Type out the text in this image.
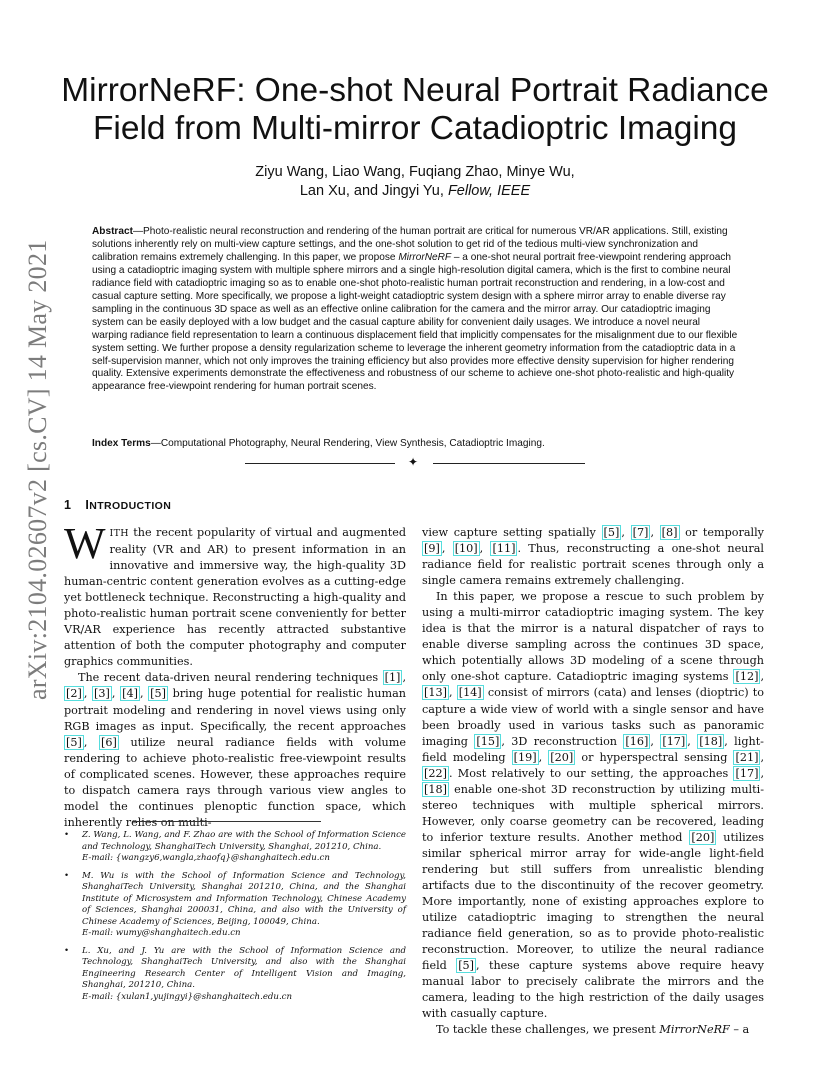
arXiv:2104.02607v2 [cs.CV] 14 May 2021
MirrorNeRF: One-shot Neural Portrait Radiance
Field from Multi-mirror Catadioptric Imaging
Ziyu Wang, Liao Wang, Fuqiang Zhao, Minye Wu,
Lan Xu, and Jingyi Yu, Fellow, IEEE

Abstract—Photo-realistic neural reconstruction and rendering of the human portrait are critical for numerous VR/AR applications. Still, existing solutions inherently rely on multi-view capture settings, and the one-shot solution to get rid of the tedious multi-view synchronization and calibration remains extremely challenging. In this paper, we propose MirrorNeRF – a one-shot neural portrait free-viewpoint rendering approach using a catadioptric imaging system with multiple sphere mirrors and a single high-resolution digital camera, which is the first to combine neural radiance field with catadioptric imaging so as to enable one-shot photo-realistic human portrait reconstruction and rendering, in a low-cost and casual capture setting. More specifically, we propose a light-weight catadioptric system design with a sphere mirror array to enable diverse ray sampling in the continuous 3D space as well as an effective online calibration for the camera and the mirror array. Our catadioptric imaging system can be easily deployed with a low budget and the casual capture ability for convenient daily usages. We introduce a novel neural warping radiance field representation to learn a continuous displacement field that implicitly compensates for the misalignment due to our flexible system setting. We further propose a density regularization scheme to leverage the inherent geometry information from the catadioptric data in a self-supervision manner, which not only improves the training efficiency but also provides more effective density supervision for higher rendering quality. Extensive experiments demonstrate the effectiveness and robustness of our scheme to achieve one-shot photo-realistic and high-quality appearance free-viewpoint rendering for human portrait scenes.

Index Terms—Computational Photography, Neural Rendering, View Synthesis, Catadioptric Imaging.

✦
1 INTRODUCTION

WITH the recent popularity of virtual and augmented reality (VR and AR) to present information in an innovative and immersive way, the high-quality 3D human-centric content generation evolves as a cutting-edge yet bottleneck technique. Reconstructing a high-quality and photo-realistic human portrait scene conveniently for better VR/AR experience has recently attracted substantive attention of both the computer photography and computer graphics communities.

The recent data-driven neural rendering techniques [1] , [2] , [3] , [4] , [5] bring huge potential for realistic human portrait modeling and rendering in novel views using only RGB images as input. Specifically, the recent approaches [5] , [6] utilize neural radiance fields with volume rendering to achieve photo-realistic free-viewpoint results of complicated scenes. However, these approaches require to dispatch camera rays through various view angles to model the continues plenoptic function space, which inherently relies on multi-

• Z. Wang, L. Wang, and F. Zhao are with the School of Information Science and Technology, ShanghaiTech University, Shanghai, 201210, China.
E-mail: {wangzy6,wangla,zhaofq}@shanghaitech.edu.cn
• M. Wu is with the School of Information Science and Technology, ShanghaiTech University, Shanghai 201210, China, and the Shanghai Institute of Microsystem and Information Technology, Chinese Academy of Sciences, Shanghai 200031, China, and also with the University of Chinese Academy of Sciences, Beijing, 100049, China.
E-mail: wumy@shanghaitech.edu.cn
• L. Xu, and J. Yu are with the School of Information Science and Technology, ShanghaiTech University, and also with the Shanghai Engineering Research Center of Intelligent Vision and Imaging, Shanghai, 201210, China.
E-mail: {xulan1,yujingyi}@shanghaitech.edu.cn

view capture setting spatially [5] , [7] , [8] or temporally [9] , [10] , [11] . Thus, reconstructing a one-shot neural radiance field for realistic portrait scenes through only a single camera remains extremely challenging.

In this paper, we propose a rescue to such problem by using a multi-mirror catadioptric imaging system. The key idea is that the mirror is a natural dispatcher of rays to enable diverse sampling across the continues 3D space, which potentially allows 3D modeling of a scene through only one-shot capture. Catadioptric imaging systems [12] , [13] , [14] consist of mirrors (cata) and lenses (dioptric) to capture a wide view of world with a single sensor and have been broadly used in various tasks such as panoramic imaging [15] , 3D reconstruction [16] , [17] , [18] , light-field modeling [19] , [20] or hyperspectral sensing [21] , [22] . Most relatively to our setting, the approaches [17] , [18] enable one-shot 3D reconstruction by utilizing multi-stereo techniques with multiple spherical mirrors. However, only coarse geometry can be recovered, leading to inferior texture results. Another method [20] utilizes similar spherical mirror array for wide-angle light-field rendering but still suffers from unrealistic blending artifacts due to the discontinuity of the recover geometry. More importantly, none of existing approaches explore to utilize catadioptric imaging to strengthen the neural radiance field generation, so as to provide photo-realistic reconstruction. Moreover, to utilize the neural radiance field [5] , these capture systems above require heavy manual labor to precisely calibrate the mirrors and the camera, leading to the high restriction of the daily usages with casually capture.

To tackle these challenges, we present MirrorNeRF – a
